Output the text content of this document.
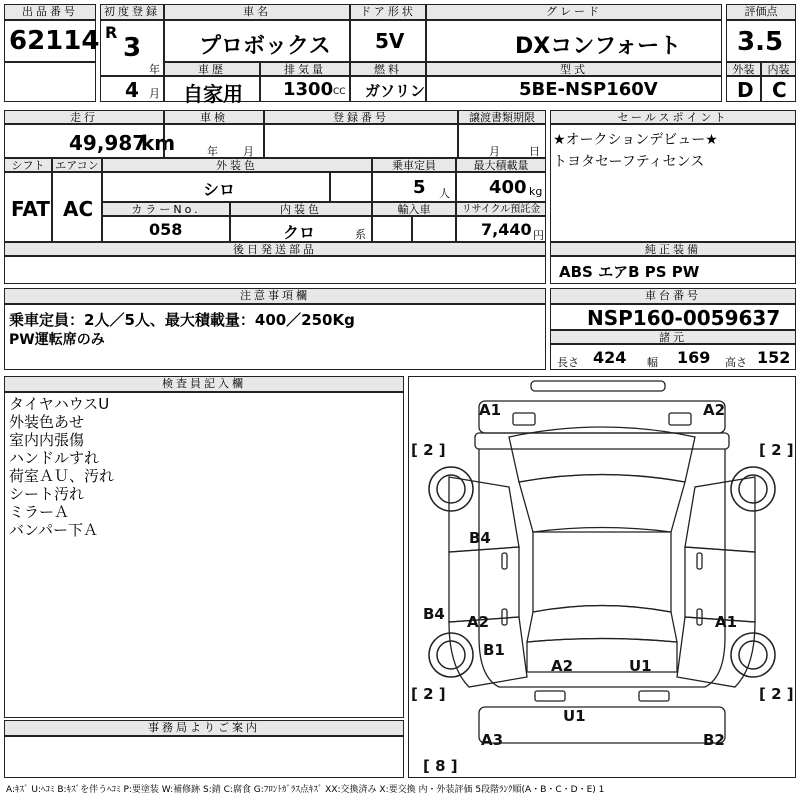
出品番号
62114
初度登録
R
3
年
4 月
車名
プロボックス
車歴
自家用
排気量
1300 CC
ドア形状
5V
燃料
ガソリン
グレード
DXコンフォート
型式
5BE-NSP160V
評価点
3.5
外装	内装
D C
走行
49,987
km
車検
年 月
登録番号	譲渡書類期限
月	日
セールスポイント
★オークションデビュー★
トヨタセーフティセンス
シフト エアコン
FAT AC
外装色
シロ
乗車定員
5 人
最大積載量
400 kg
カラーNo.
058
内装色
クロ	系
輸入車	リサイクル預託金
7,440 円
後日発送部品	純正装備
ABS エアB PS PW
注意事項欄
乗車定員：2人／5人、最大積載量：400／250Kg
PW運転席のみ
車台番号
NSP160-0059637
諸元
長さ 424 幅 169 高さ 152
検査員記入欄
タイヤハウスU
外装色あせ
室内内張傷
ハンドルすれ
荷室ＡＵ、汚れ
シート汚れ
ミラーＡ
バンパー下Ａ
事務局よりご案内
[ 2 ]	[ 2 ]
[ 2 ]	[ 2 ]
[ 8 ]
A1	A2
B4
B4 A2	A1
B1
A2	U1
U1
A3	B2
A:ｷｽﾞ U:ﾍｺﾐ B:ｷｽﾞを伴うﾍｺﾐ P:要塗装 W:補修跡 S:錆 C:腐食 G:ﾌﾛﾝﾄｶﾞﾗｽ点ｷｽﾞ XX:交換済み X:要交換 内・外装評価 5段階ﾗﾝｸ順(A・B・C・D・E) 1
